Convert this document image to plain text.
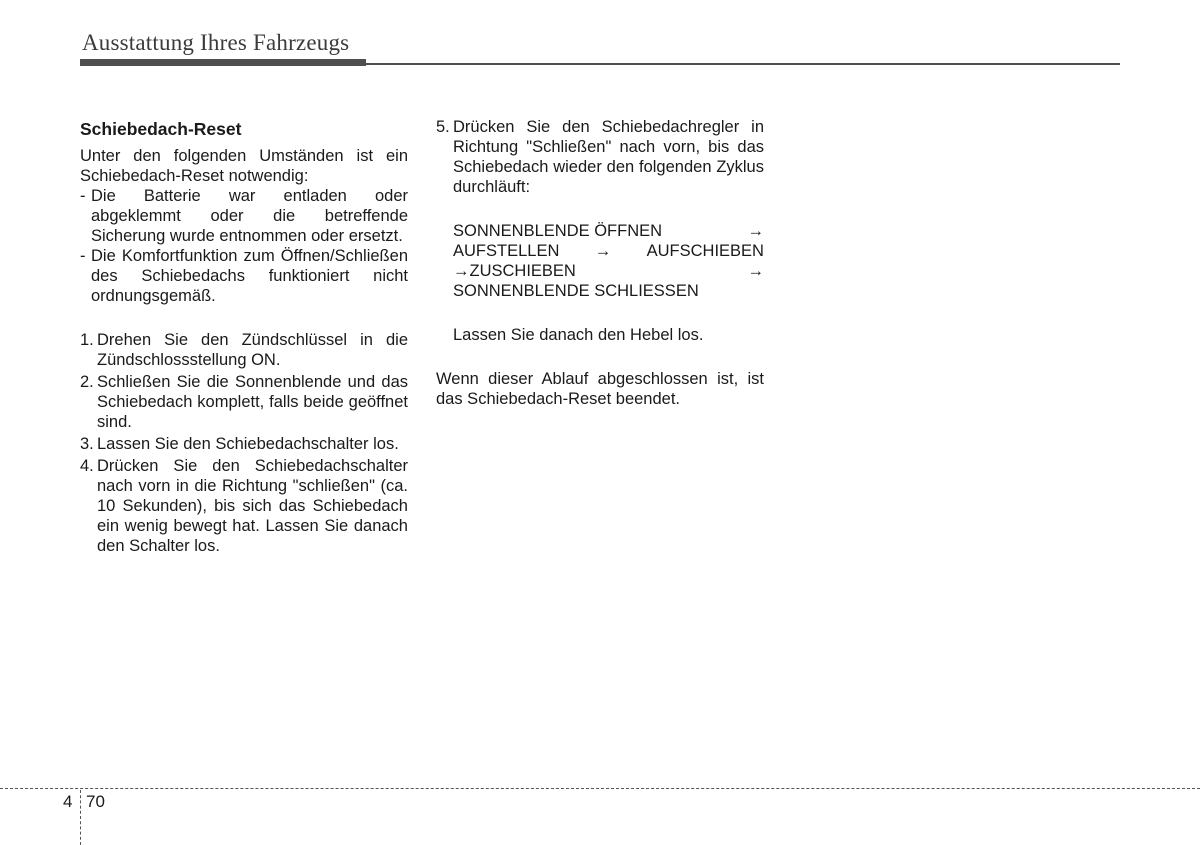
Ausstattung Ihres Fahrzeugs
Schiebedach-Reset

Unter den folgenden Umständen ist ein Schiebedach-Reset notwendig:

- Die Batterie war entladen oder abgeklemmt oder die betreffende Sicherung wurde entnommen oder ersetzt.
- Die Komfortfunktion zum Öffnen/Schließen des Schiebedachs funktioniert nicht ordnungsgemäß.
1. Drehen Sie den Zündschlüssel in die Zündschlossstellung ON.
2. Schließen Sie die Sonnenblende und das Schiebedach komplett, falls beide geöffnet sind.
3. Lassen Sie den Schiebedachschalter los.
4. Drücken Sie den Schiebedachschalter nach vorn in die Richtung "schließen" (ca. 10 Sekunden), bis sich das Schiebedach ein wenig bewegt hat. Lassen Sie danach den Schalter los.
5. Drücken Sie den Schiebedachregler in Richtung "Schließen" nach vorn, bis das Schiebedach wieder den folgenden Zyklus durchläuft:
SONNENBLENDE ÖFFNEN	→
AUFSTELLEN → AUFSCHIEBEN
→ZUSCHIEBEN	→
SONNENBLENDE SCHLIESSEN

Lassen Sie danach den Hebel los.

Wenn dieser Ablauf abgeschlossen ist, ist das Schiebedach-Reset beendet.

4 70
